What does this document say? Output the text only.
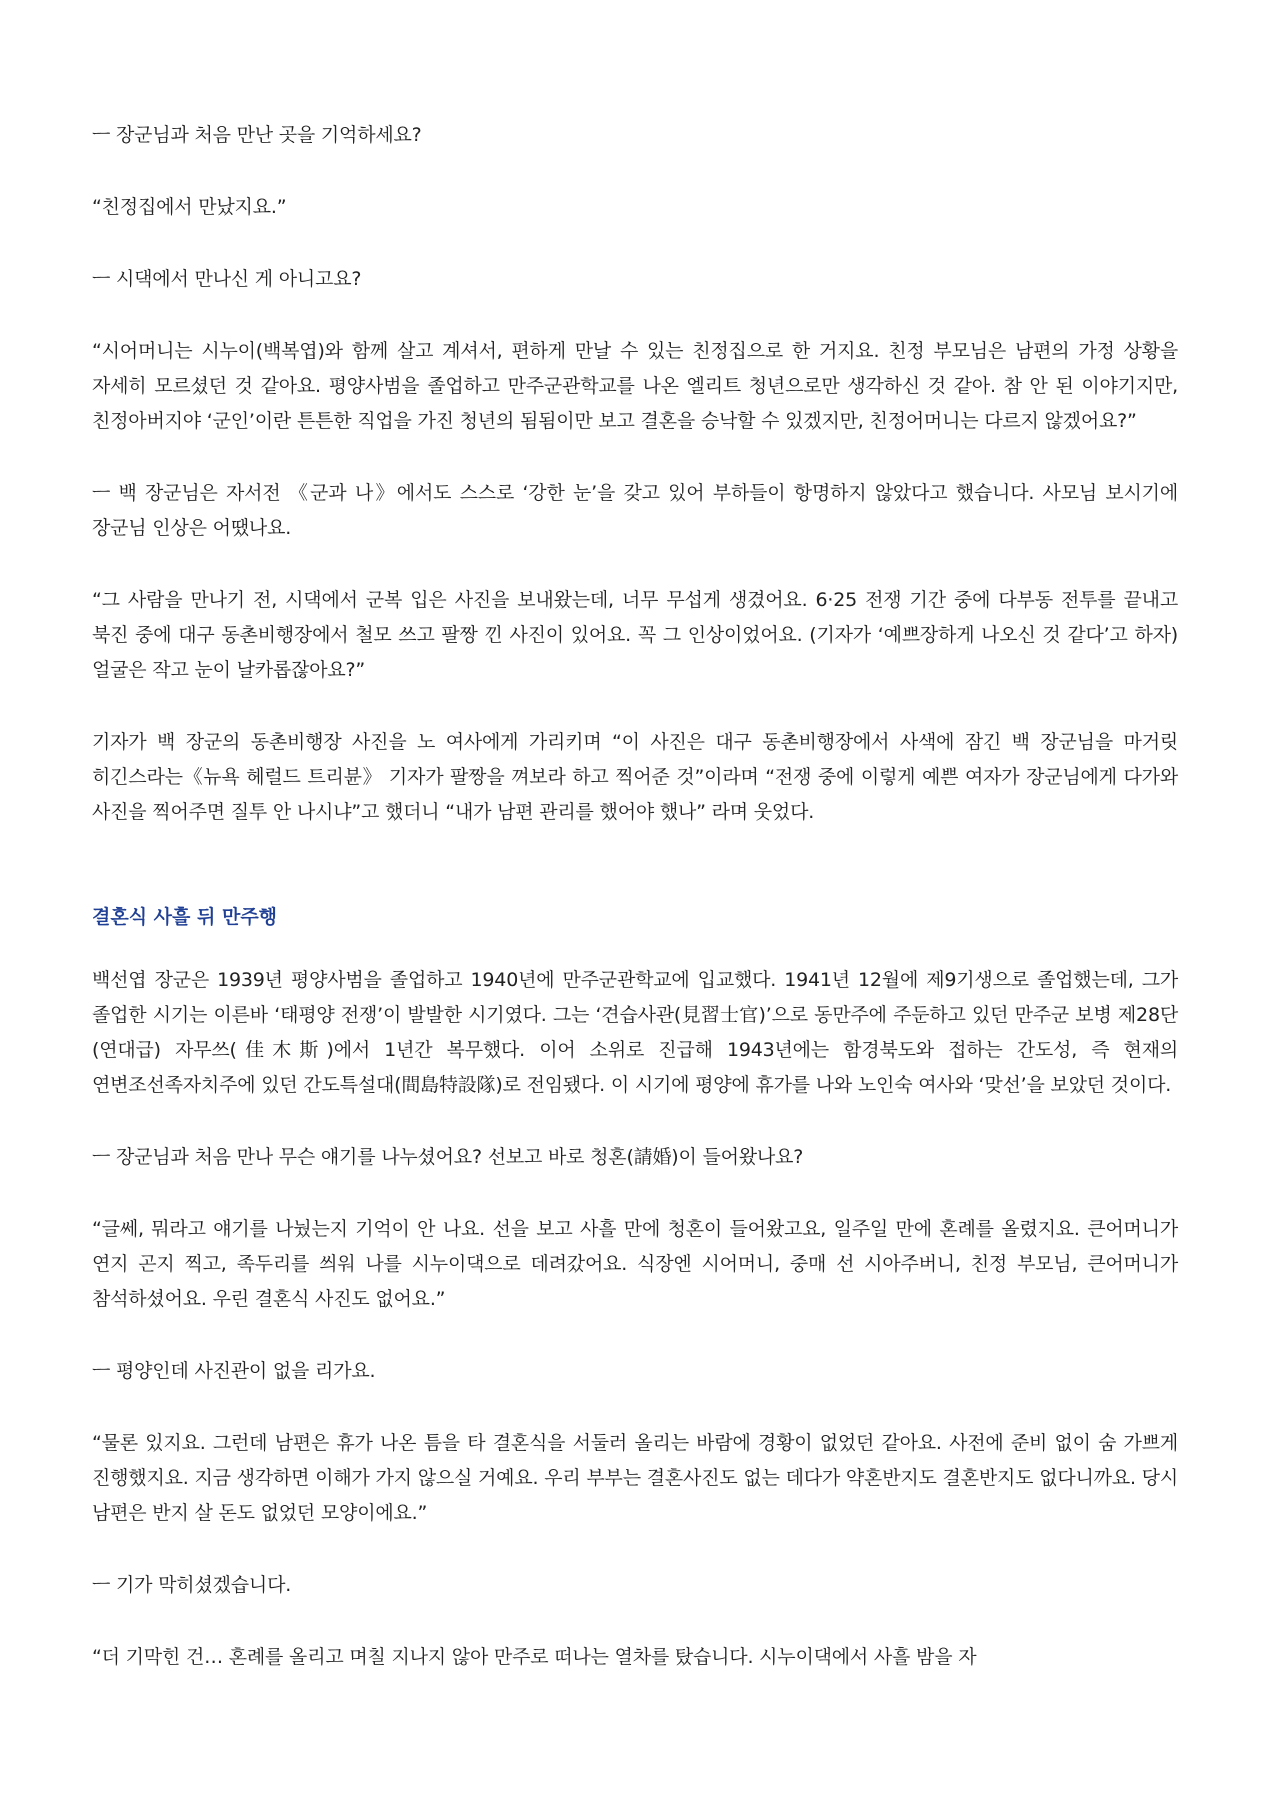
ㅡ 장군님과 처음 만난 곳을 기억하세요?

“친정집에서 만났지요.”

ㅡ 시댁에서 만나신 게 아니고요?

“시어머니는 시누이(백복엽)와 함께 살고 계셔서, 편하게 만날 수 있는 친정집으로 한 거지요. 친정 부모님은 남편의 가정 상황을 자세히 모르셨던 것 같아요. 평양사범을 졸업하고 만주군관학교를 나온 엘리트 청년으로만 생각하신 것 같아. 참 안 된 이야기지만, 친정아버지야 ‘군인’이란 튼튼한 직업을 가진 청년의 됨됨이만 보고 결혼을 승낙할 수 있겠지만, 친정어머니는 다르지 않겠어요?”

ㅡ 백 장군님은 자서전 《군과 나》에서도 스스로 ‘강한 눈’을 갖고 있어 부하들이 항명하지 않았다고 했습니다. 사모님 보시기에 장군님 인상은 어땠나요.

“그 사람을 만나기 전, 시댁에서 군복 입은 사진을 보내왔는데, 너무 무섭게 생겼어요. 6·25 전쟁 기간 중에 다부동 전투를 끝내고 북진 중에 대구 동촌비행장에서 철모 쓰고 팔짱 낀 사진이 있어요. 꼭 그 인상이었어요. (기자가 ‘예쁘장하게 나오신 것 같다’고 하자) 얼굴은 작고 눈이 날카롭잖아요?”

기자가 백 장군의 동촌비행장 사진을 노 여사에게 가리키며 “이 사진은 대구 동촌비행장에서 사색에 잠긴 백 장군님을 마거릿 히긴스라는《뉴욕 헤럴드 트리뷴》 기자가 팔짱을 껴보라 하고 찍어준 것”이라며 “전쟁 중에 이렇게 예쁜 여자가 장군님에게 다가와 사진을 찍어주면 질투 안 나시냐”고 했더니 “내가 남편 관리를 했어야 했나” 라며 웃었다.

결혼식 사흘 뒤 만주행

백선엽 장군은 1939년 평양사범을 졸업하고 1940년에 만주군관학교에 입교했다. 1941년 12월에 제9기생으로 졸업했는데, 그가 졸업한 시기는 이른바 ‘태평양 전쟁’이 발발한 시기였다. 그는 ‘견습사관(見習士官)’으로 동만주에 주둔하고 있던 만주군 보병 제28단(연대급) 자무쓰(佳木斯)에서 1년간 복무했다. 이어 소위로 진급해 1943년에는 함경북도와 접하는 간도성, 즉 현재의 연변조선족자치주에 있던 간도특설대(間島特設隊)로 전임됐다. 이 시기에 평양에 휴가를 나와 노인숙 여사와 ‘맞선’을 보았던 것이다.

ㅡ 장군님과 처음 만나 무슨 얘기를 나누셨어요? 선보고 바로 청혼(請婚)이 들어왔나요?

“글쎄, 뭐라고 얘기를 나눴는지 기억이 안 나요. 선을 보고 사흘 만에 청혼이 들어왔고요, 일주일 만에 혼례를 올렸지요. 큰어머니가 연지 곤지 찍고, 족두리를 씌워 나를 시누이댁으로 데려갔어요. 식장엔 시어머니, 중매 선 시아주버니, 친정 부모님, 큰어머니가 참석하셨어요. 우린 결혼식 사진도 없어요.”

ㅡ 평양인데 사진관이 없을 리가요.

“물론 있지요. 그런데 남편은 휴가 나온 틈을 타 결혼식을 서둘러 올리는 바람에 경황이 없었던 같아요. 사전에 준비 없이 숨 가쁘게 진행했지요. 지금 생각하면 이해가 가지 않으실 거예요. 우리 부부는 결혼사진도 없는 데다가 약혼반지도 결혼반지도 없다니까요. 당시 남편은 반지 살 돈도 없었던 모양이에요.”

ㅡ 기가 막히셨겠습니다.

“더 기막힌 건… 혼례를 올리고 며칠 지나지 않아 만주로 떠나는 열차를 탔습니다. 시누이댁에서 사흘 밤을 자
